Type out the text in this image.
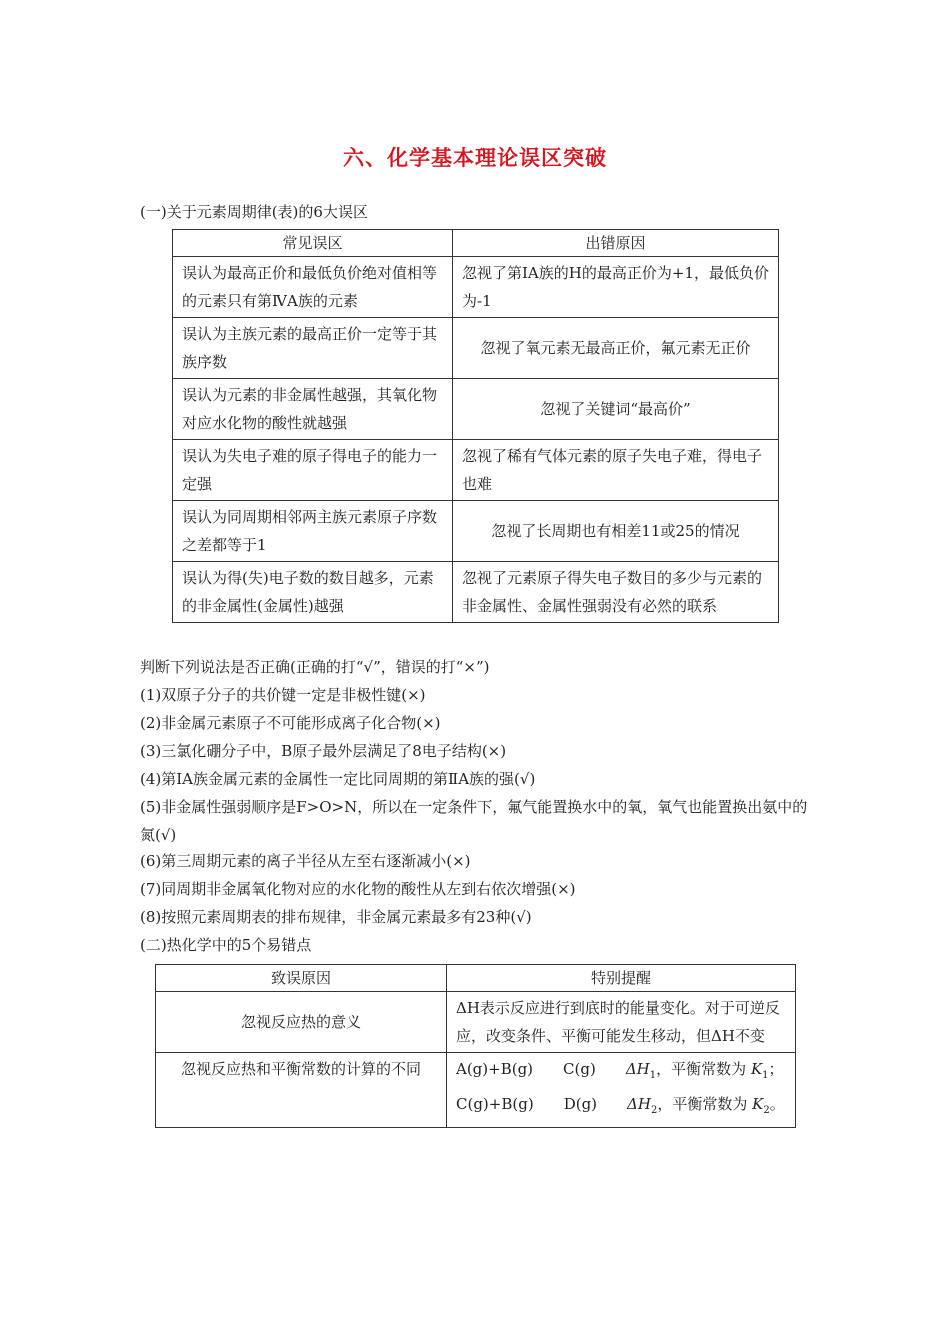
六、化学基本理论误区突破
(一)关于元素周期律(表)的6大误区
常见误区	出错原因
误认为最高正价和最低负价绝对值相等的元素只有第ⅣA族的元素	忽视了第ⅠA族的H的最高正价为+1，最低负价为-1
误认为主族元素的最高正价一定等于其族序数	忽视了氧元素无最高正价，氟元素无正价
误认为元素的非金属性越强，其氧化物对应水化物的酸性就越强	忽视了关键词“最高价”
误认为失电子难的原子得电子的能力一定强	忽视了稀有气体元素的原子失电子难，得电子也难
误认为同周期相邻两主族元素原子序数之差都等于1	忽视了长周期也有相差11或25的情况
误认为得(失)电子数的数目越多，元素的非金属性(金属性)越强	忽视了元素原子得失电子数目的多少与元素的非金属性、金属性强弱没有必然的联系
判断下列说法是否正确(正确的打“√”，错误的打“×”)
(1)双原子分子的共价键一定是非极性键(×)
(2)非金属元素原子不可能形成离子化合物(×)
(3)三氯化硼分子中，B原子最外层满足了8电子结构(×)
(4)第ⅠA族金属元素的金属性一定比同周期的第ⅡA族的强(√)
(5)非金属性强弱顺序是F>O>N，所以在一定条件下，氟气能置换水中的氧，氧气也能置换出氨中的氮(√)
(6)第三周期元素的离子半径从左至右逐渐减小(×)
(7)同周期非金属氧化物对应的水化物的酸性从左到右依次增强(×)
(8)按照元素周期表的排布规律，非金属元素最多有23种(√)
(二)热化学中的5个易错点
致误原因	特别提醒
忽视反应热的意义	ΔH表示反应进行到底时的能量变化。对于可逆反应，改变条件、平衡可能发生移动，但ΔH不变
忽视反应热和平衡常数的计算的不同	A(g)+B(g) C(g) $\Delta H_1$，平衡常数为 $K_1$；
C(g)+B(g) D(g) $\Delta H_2$，平衡常数为 $K_2$。
